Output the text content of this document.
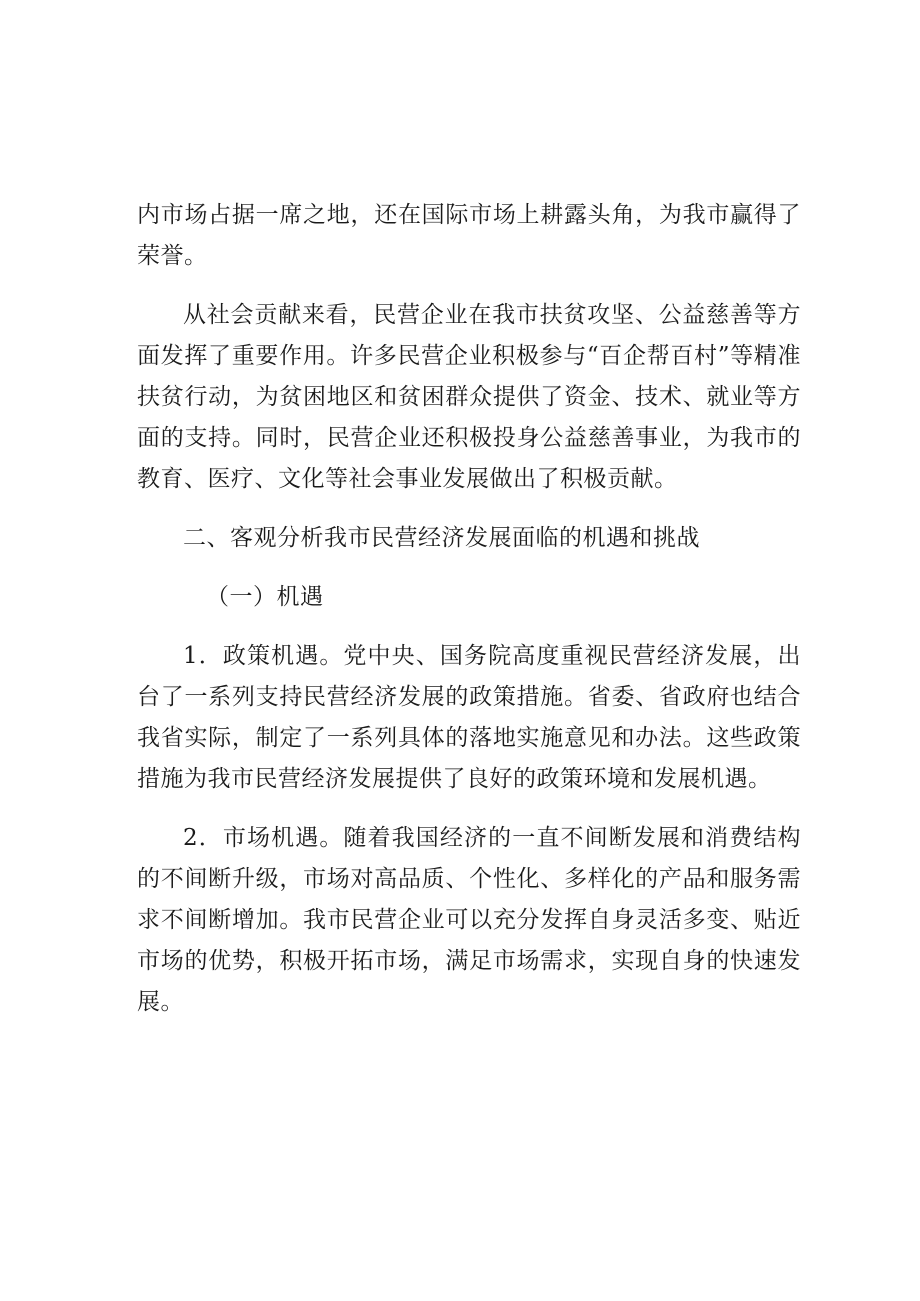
内市场占据一席之地，还在国际市场上耕露头角，为我市赢得了荣誉。

从社会贡献来看，民营企业在我市扶贫攻坚、公益慈善等方面发挥了重要作用。许多民营企业积极参与“百企帮百村”等精准扶贫行动，为贫困地区和贫困群众提供了资金、技术、就业等方面的支持。同时，民营企业还积极投身公益慈善事业，为我市的教育、医疗、文化等社会事业发展做出了积极贡献。

二、客观分析我市民营经济发展面临的机遇和挑战

（一）机遇

1．政策机遇。党中央、国务院高度重视民营经济发展，出台了一系列支持民营经济发展的政策措施。省委、省政府也结合我省实际，制定了一系列具体的落地实施意见和办法。这些政策措施为我市民营经济发展提供了良好的政策环境和发展机遇。

2．市场机遇。随着我国经济的一直不间断发展和消费结构的不间断升级，市场对高品质、个性化、多样化的产品和服务需求不间断增加。我市民营企业可以充分发挥自身灵活多变、贴近市场的优势，积极开拓市场，满足市场需求，实现自身的快速发展。
